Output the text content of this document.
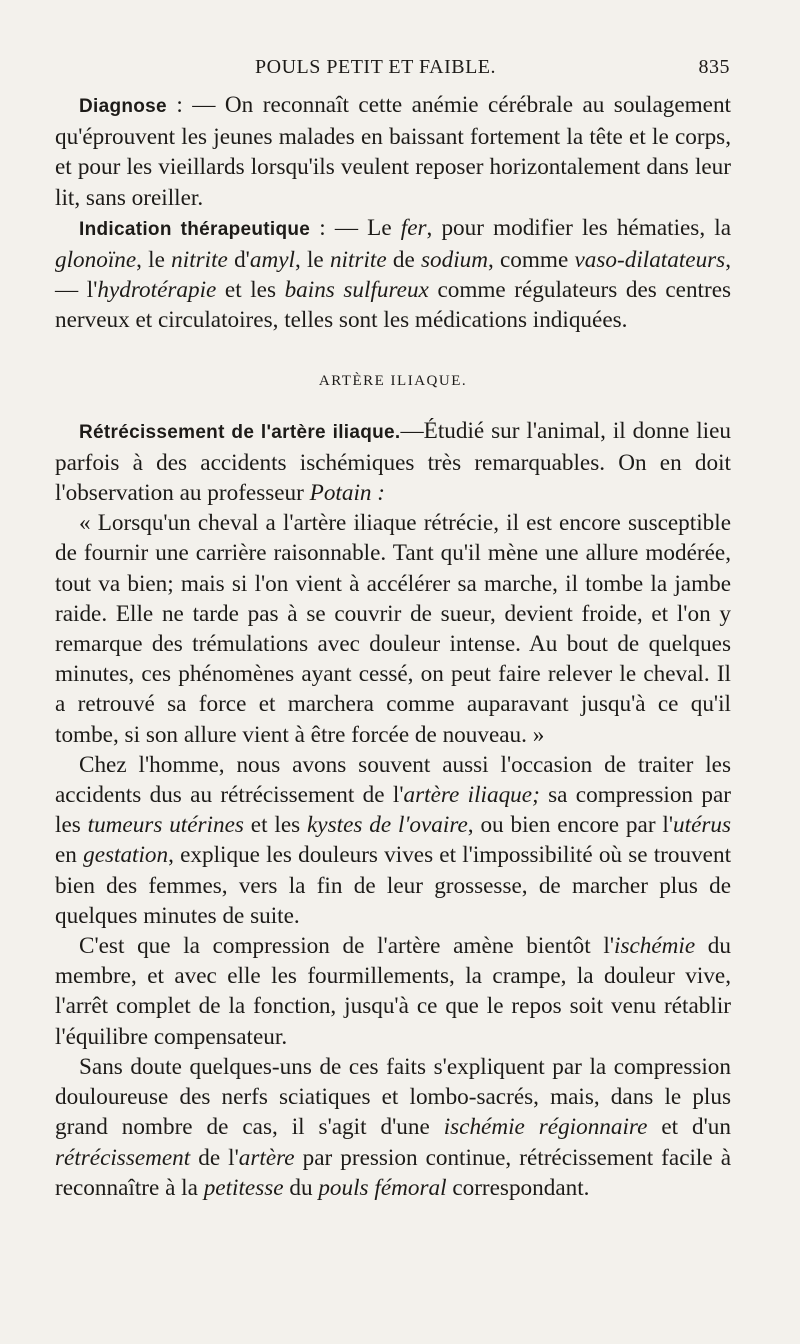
POULS PETIT ET FAIBLE.	835

Diagnose : — On reconnaît cette anémie cérébrale au soulagement qu'éprouvent les jeunes malades en baissant fortement la tête et le corps, et pour les vieillards lorsqu'ils veulent reposer horizontalement dans leur lit, sans oreiller.

Indication thérapeutique : — Le fer, pour modifier les hématies, la glonoïne, le nitrite d'amyl, le nitrite de sodium, comme vaso-dilatateurs, — l'hydrotérapie et les bains sulfureux comme régulateurs des centres nerveux et circulatoires, telles sont les médications indiquées.

ARTÈRE ILIAQUE.

Rétrécissement de l'artère iliaque.—Étudié sur l'animal, il donne lieu parfois à des accidents ischémiques très remarquables. On en doit l'observation au professeur Potain :

« Lorsqu'un cheval a l'artère iliaque rétrécie, il est encore susceptible de fournir une carrière raisonnable. Tant qu'il mène une allure modérée, tout va bien; mais si l'on vient à accélérer sa marche, il tombe la jambe raide. Elle ne tarde pas à se couvrir de sueur, devient froide, et l'on y remarque des trémulations avec douleur intense. Au bout de quelques minutes, ces phénomènes ayant cessé, on peut faire relever le cheval. Il a retrouvé sa force et marchera comme auparavant jusqu'à ce qu'il tombe, si son allure vient à être forcée de nouveau. »

Chez l'homme, nous avons souvent aussi l'occasion de traiter les accidents dus au rétrécissement de l'artère iliaque; sa compression par les tumeurs utérines et les kystes de l'ovaire, ou bien encore par l'utérus en gestation, explique les douleurs vives et l'impossibilité où se trouvent bien des femmes, vers la fin de leur grossesse, de marcher plus de quelques minutes de suite.

C'est que la compression de l'artère amène bientôt l'ischémie du membre, et avec elle les fourmillements, la crampe, la douleur vive, l'arrêt complet de la fonction, jusqu'à ce que le repos soit venu rétablir l'équilibre compensateur.

Sans doute quelques-uns de ces faits s'expliquent par la compression douloureuse des nerfs sciatiques et lombo-sacrés, mais, dans le plus grand nombre de cas, il s'agit d'une ischémie régionnaire et d'un rétrécissement de l'artère par pression continue, rétrécissement facile à reconnaître à la petitesse du pouls fémoral correspondant.
